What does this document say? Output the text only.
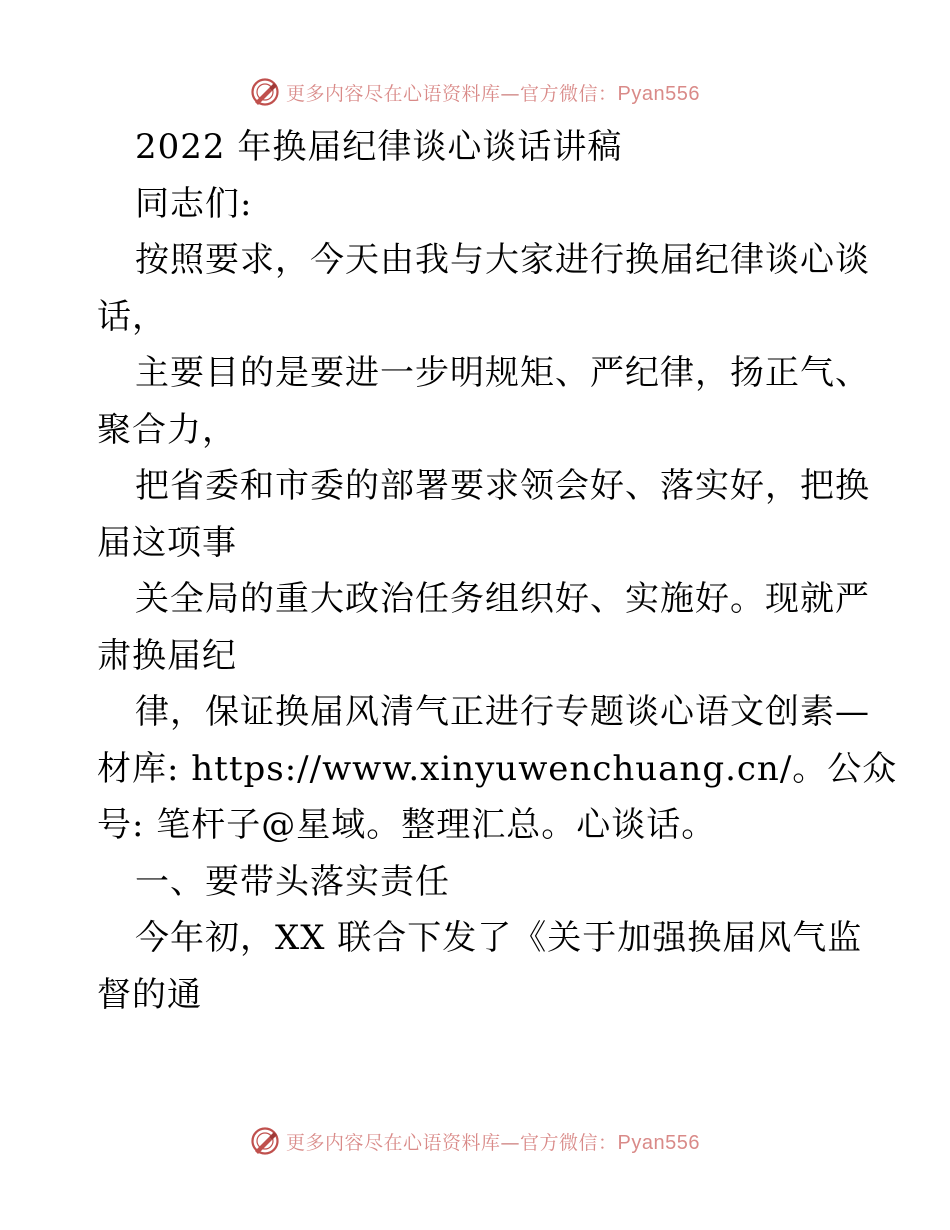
更多内容尽在心语资料库—官方微信：Pyan556
2022 年换届纪律谈心谈话讲稿
同志们:
按照要求，今天由我与大家进行换届纪律谈心谈
话，
主要目的是要进一步明规矩、严纪律，扬正气、
聚合力，
把省委和市委的部署要求领会好、落实好，把换
届这项事
关全局的重大政治任务组织好、实施好。现就严
肃换届纪
律，保证换届风清气正进行专题谈心语文创素—
材库: https://www.xinyuwenchuang.cn/。公众
号: 笔杆子@星域。整理汇总。心谈话。
一、要带头落实责任
今年初，XX 联合下发了《关于加强换届风气监
督的通
更多内容尽在心语资料库—官方微信：Pyan556
